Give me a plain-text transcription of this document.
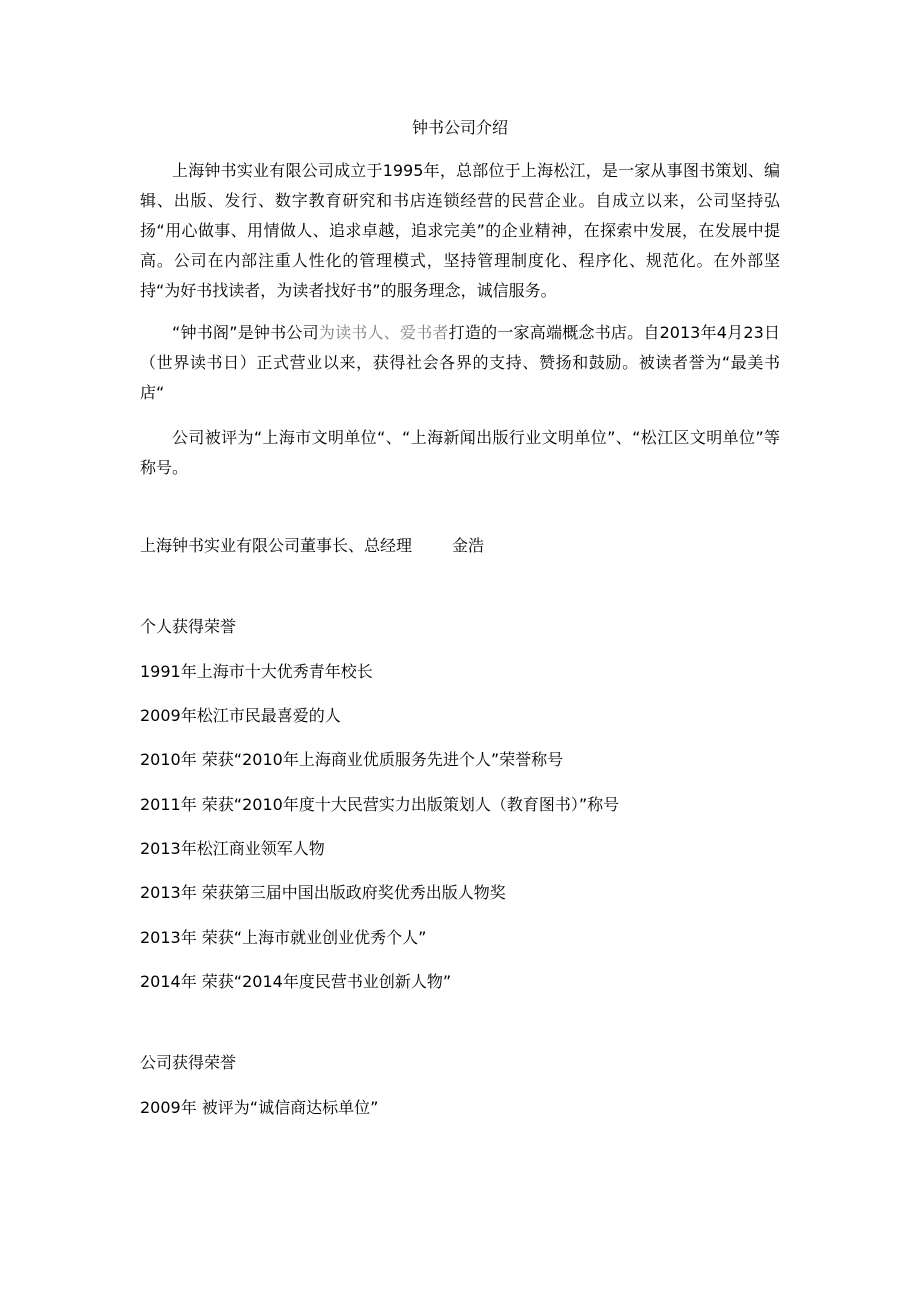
钟书公司介绍
上海钟书实业有限公司成立于1995年，总部位于上海松江，是一家从事图书策划、编辑、出版、发行、数字教育研究和书店连锁经营的民营企业。自成立以来，公司坚持弘扬“用心做事、用情做人、追求卓越，追求完美”的企业精神，在探索中发展，在发展中提高。公司在内部注重人性化的管理模式，坚持管理制度化、程序化、规范化。在外部坚持“为好书找读者，为读者找好书”的服务理念，诚信服务。
“钟书阁”是钟书公司为读书人、爱书者打造的一家高端概念书店。自2013年4月23日（世界读书日）正式营业以来，获得社会各界的支持、赞扬和鼓励。被读者誉为“最美书店“
公司被评为“上海市文明单位“、“上海新闻出版行业文明单位”、“松江区文明单位”等称号。
上海钟书实业有限公司董事长、总经理	金浩
个人获得荣誉
1991年上海市十大优秀青年校长
2009年松江市民最喜爱的人
2010年 荣获“2010年上海商业优质服务先进个人”荣誉称号
2011年 荣获“2010年度十大民营实力出版策划人（教育图书）”称号
2013年松江商业领军人物
2013年 荣获第三届中国出版政府奖优秀出版人物奖
2013年 荣获“上海市就业创业优秀个人”
2014年 荣获“2014年度民营书业创新人物”
公司获得荣誉
2009年 被评为“诚信商达标单位”
